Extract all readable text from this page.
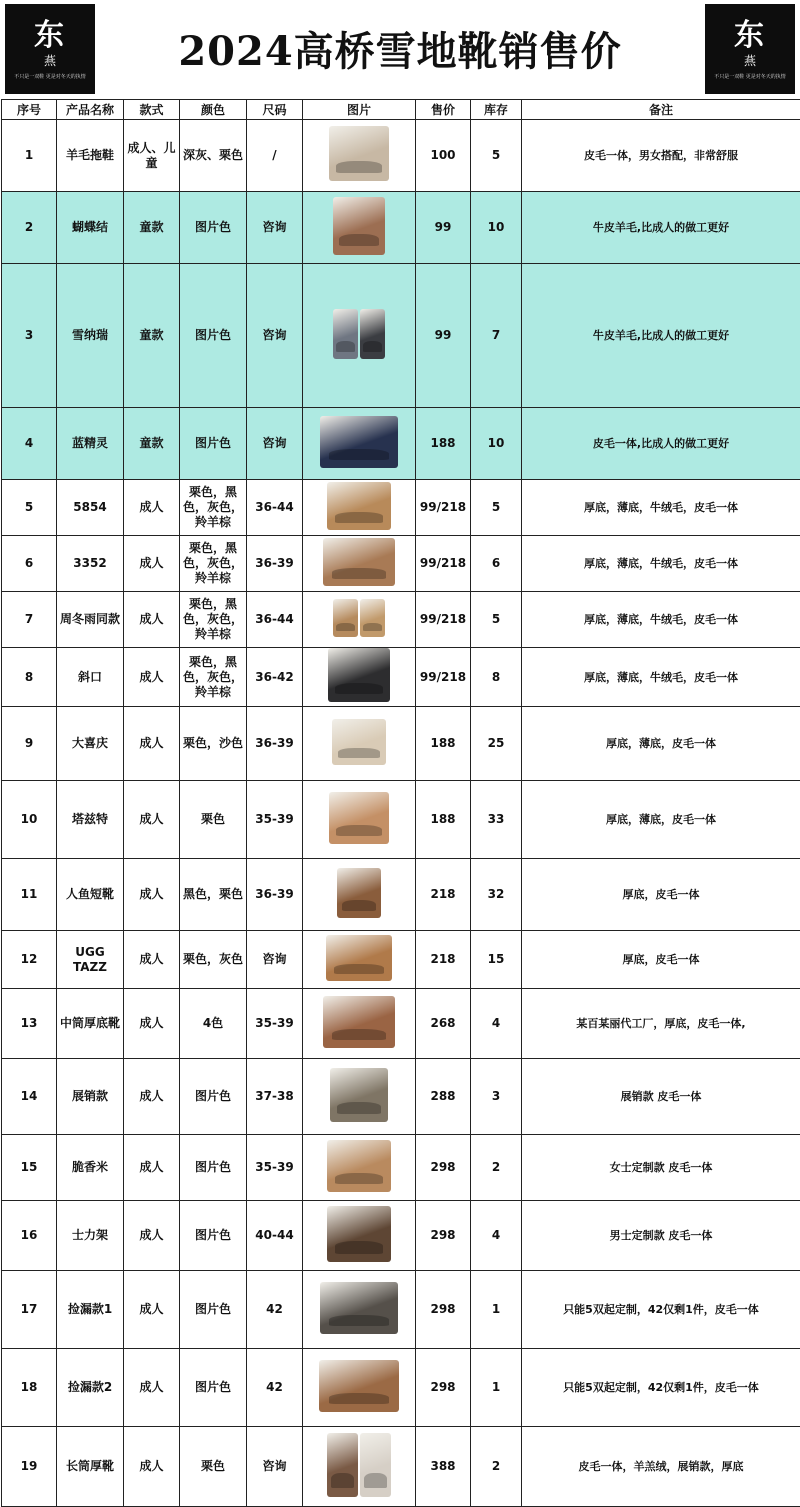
东
燕
不只是一双鞋 更是对冬天的执情
2024高桥雪地靴销售价	东
燕
不只是一双鞋 更是对冬天的执情
序号	产品名称	款式	颜色	尺码	图片	售价	库存	备注
1	羊毛拖鞋	成人、儿童	深灰、栗色	/		100	5	皮毛一体，男女搭配，非常舒服
2	蝴蝶结	童款	图片色	咨询		99	10	牛皮羊毛,比成人的做工更好
3	雪纳瑞	童款	图片色	咨询		99	7	牛皮羊毛,比成人的做工更好
4	蓝精灵	童款	图片色	咨询		188	10	皮毛一体,比成人的做工更好
5	5854	成人	栗色，黑色，灰色，羚羊棕	36-44		99/218	5	厚底，薄底，牛绒毛，皮毛一体
6	3352	成人	栗色，黑色，灰色，羚羊棕	36-39		99/218	6	厚底，薄底，牛绒毛，皮毛一体
7	周冬雨同款	成人	栗色，黑色，灰色，羚羊棕	36-44		99/218	5	厚底，薄底，牛绒毛，皮毛一体
8	斜口	成人	栗色，黑色，灰色，羚羊棕	36-42		99/218	8	厚底，薄底，牛绒毛，皮毛一体
9	大喜庆	成人	栗色，沙色	36-39		188	25	厚底，薄底，皮毛一体
10	塔兹特	成人	栗色	35-39		188	33	厚底，薄底，皮毛一体
11	人鱼短靴	成人	黑色，栗色	36-39		218	32	厚底，皮毛一体
12	UGG TAZZ	成人	栗色，灰色	咨询		218	15	厚底，皮毛一体
13	中筒厚底靴	成人	4色	35-39		268	4	某百某丽代工厂，厚底，皮毛一体,
14	展销款	成人	图片色	37-38		288	3	展销款 皮毛一体
15	脆香米	成人	图片色	35-39		298	2	女士定制款 皮毛一体
16	士力架	成人	图片色	40-44		298	4	男士定制款 皮毛一体
17	捡漏款1	成人	图片色	42		298	1	只能5双起定制，42仅剩1件，皮毛一体
18	捡漏款2	成人	图片色	42		298	1	只能5双起定制，42仅剩1件，皮毛一体
19	长筒厚靴	成人	栗色	咨询		388	2	皮毛一体，羊羔绒，展销款，厚底
